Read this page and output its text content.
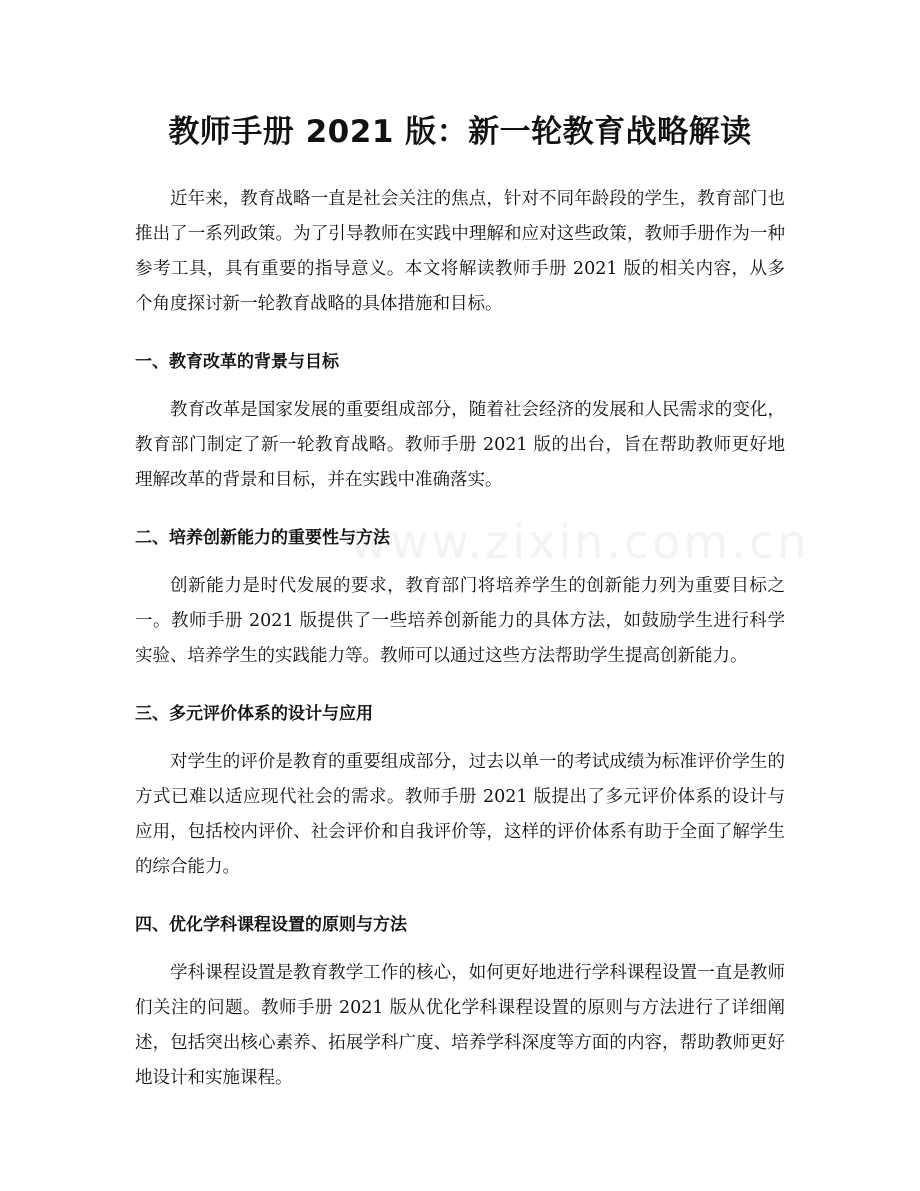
教师手册 2021 版：新一轮教育战略解读
www.zixin.com.cn

近年来，教育战略一直是社会关注的焦点，针对不同年龄段的学生，教育部门也推出了一系列政策。为了引导教师在实践中理解和应对这些政策，教师手册作为一种参考工具，具有重要的指导意义。本文将解读教师手册 2021 版的相关内容，从多个角度探讨新一轮教育战略的具体措施和目标。

一、教育改革的背景与目标

教育改革是国家发展的重要组成部分，随着社会经济的发展和人民需求的变化，教育部门制定了新一轮教育战略。教师手册 2021 版的出台，旨在帮助教师更好地理解改革的背景和目标，并在实践中准确落实。

二、培养创新能力的重要性与方法

创新能力是时代发展的要求，教育部门将培养学生的创新能力列为重要目标之一。教师手册 2021 版提供了一些培养创新能力的具体方法，如鼓励学生进行科学实验、培养学生的实践能力等。教师可以通过这些方法帮助学生提高创新能力。

三、多元评价体系的设计与应用

对学生的评价是教育的重要组成部分，过去以单一的考试成绩为标准评价学生的方式已难以适应现代社会的需求。教师手册 2021 版提出了多元评价体系的设计与应用，包括校内评价、社会评价和自我评价等，这样的评价体系有助于全面了解学生的综合能力。

四、优化学科课程设置的原则与方法

学科课程设置是教育教学工作的核心，如何更好地进行学科课程设置一直是教师们关注的问题。教师手册 2021 版从优化学科课程设置的原则与方法进行了详细阐述，包括突出核心素养、拓展学科广度、培养学科深度等方面的内容，帮助教师更好地设计和实施课程。
